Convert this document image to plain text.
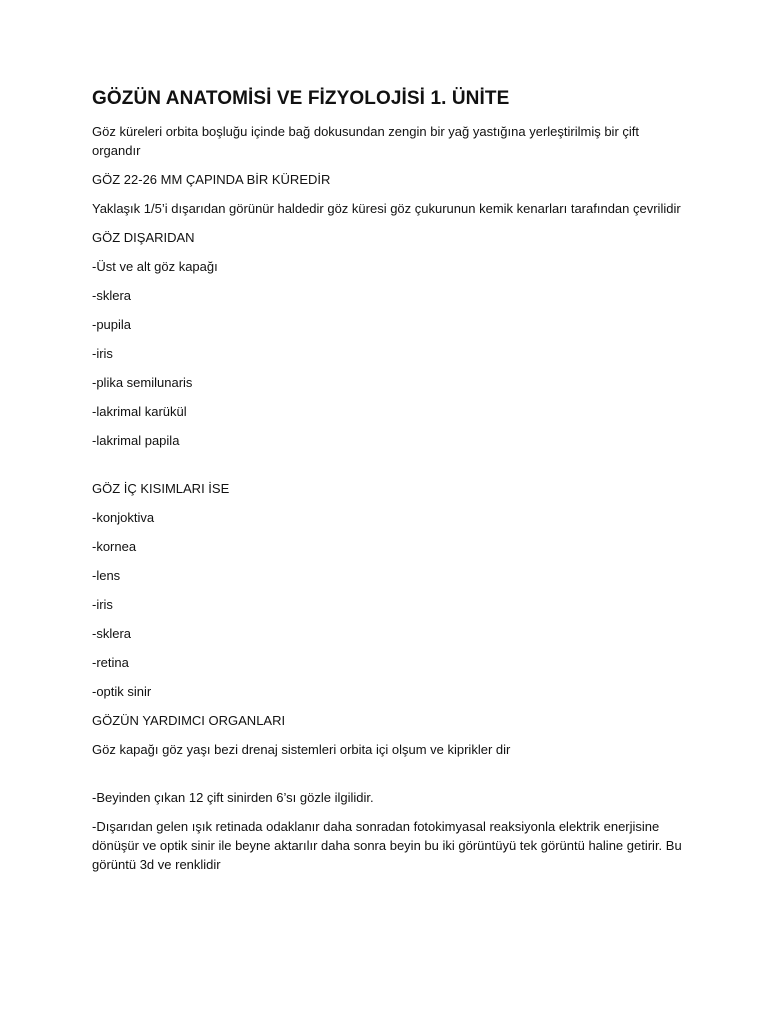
GÖZÜN ANATOMİSİ VE FİZYOLOJİSİ 1. ÜNİTE

Göz küreleri orbita boşluğu içinde bağ dokusundan zengin bir yağ yastığına yerleştirilmiş bir çift organdır

GÖZ 22-26 MM ÇAPINDA BİR KÜREDİR

Yaklaşık 1/5’i dışarıdan görünür haldedir göz küresi göz çukurunun kemik kenarları tarafından çevrilidir

GÖZ DIŞARIDAN

-Üst ve alt göz kapağı

-sklera

-pupila

-iris

-plika semilunaris

-lakrimal karükül

-lakrimal papila

GÖZ İÇ KISIMLARI İSE

-konjoktiva

-kornea

-lens

-iris

-sklera

-retina

-optik sinir

GÖZÜN YARDIMCI ORGANLARI

Göz kapağı göz yaşı bezi drenaj sistemleri orbita içi olşum ve kiprikler dir

-Beyinden çıkan 12 çift sinirden 6’sı gözle ilgilidir.

-Dışarıdan gelen ışık retinada odaklanır daha sonradan fotokimyasal reaksiyonla elektrik enerjisine dönüşür ve optik sinir ile beyne aktarılır daha sonra beyin bu iki görüntüyü tek görüntü haline getirir. Bu görüntü 3d ve renklidir
